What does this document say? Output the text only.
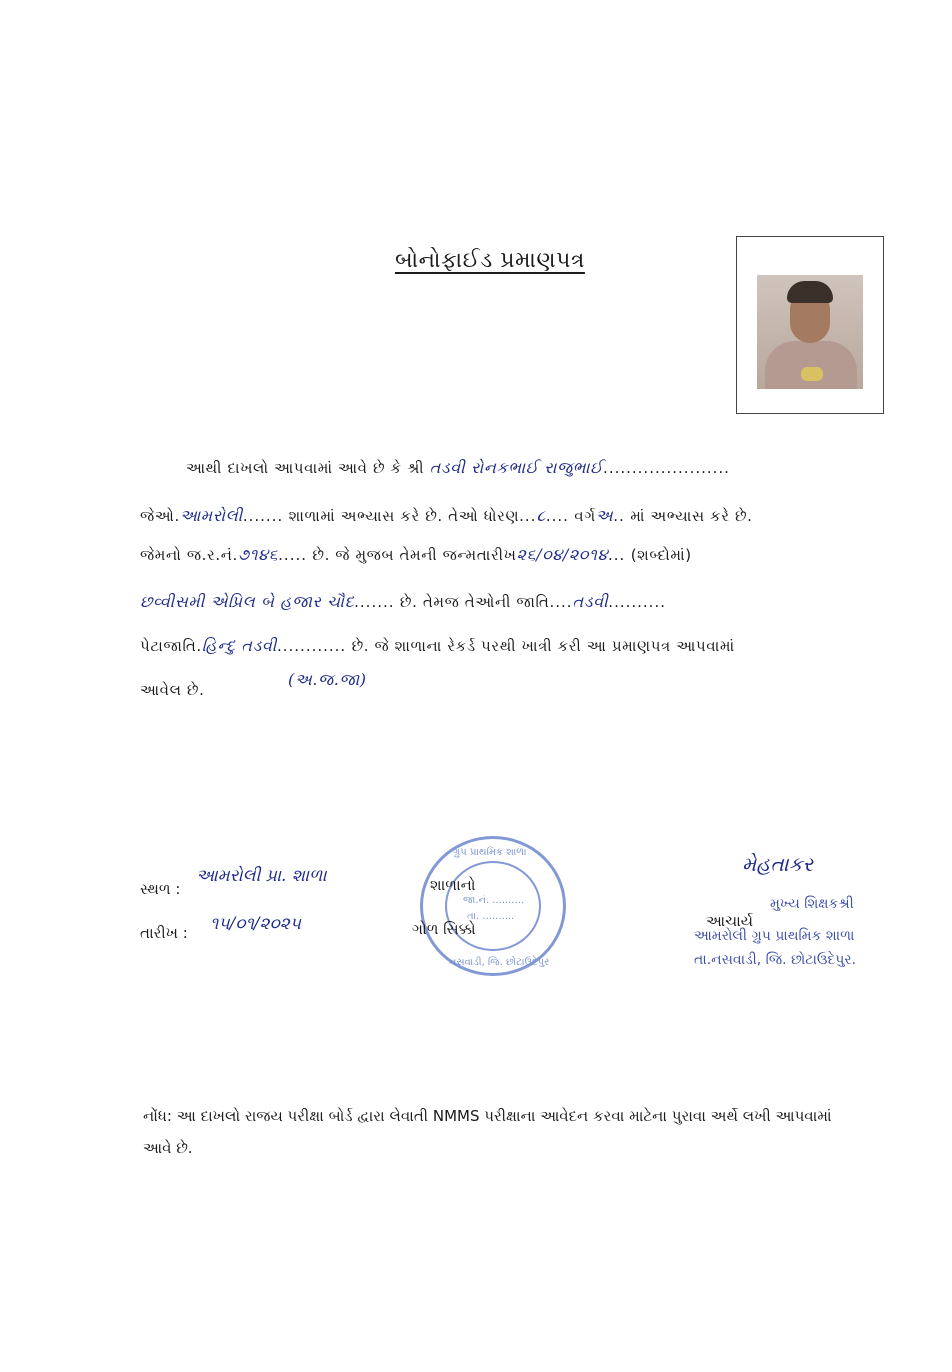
બોનોફાઈડ પ્રમાણપત્ર
આથી દાખલો આપવામાં આવે છે કે શ્રી તડવી રોનકભાઈ રાજુભાઈ......................
જેઓ.આમરોલી....... શાળામાં અભ્યાસ કરે છે. તેઓ ધોરણ...૮.... વર્ગઅ.. માં અભ્યાસ કરે છે.
જેમનો જ.ર.નં.૭૧૪૬..... છે. જે મુજબ તેમની જન્મતારીખ૨૬/૦૪/૨૦૧૪... (શબ્દોમાં)
છવ્વીસમી એપ્રિલ બે હજાર ચૌદ....... છે. તેમજ તેઓની જાતિ....તડવી..........
પેટાજાતિ.હિન્દુ તડવી............ છે. જે શાળાના રેકર્ડ પરથી ખાત્રી કરી આ પ્રમાણપત્ર આપવામાં
આવેલ છે.
(અ.જ.જા)
સ્થળ :
આમરોલી પ્રા. શાળા
તારીખ : ૧૫/૦૧/૨૦૨૫
ગ્રુપ પ્રાથમિક શાળા
જા.નં. ..........
તા. ..........
નસવાડી, જિ. છોટાઉદેપુર
શાળાનો
ગોળ સિક્કો
મેહતાકર
મુખ્ય શિક્ષકશ્રી
આચાર્ય
આમરોલી ગ્રુપ પ્રાથમિક શાળા
તા.નસવાડી, જિ. છોટાઉદેપુર.
નોંધ: આ દાખલો રાજય પરીક્ષા બોર્ડ દ્વારા લેવાતી NMMS પરીક્ષાના આવેદન કરવા માટેના પુરાવા અર્થે લખી આપવામાં આવે છે.
